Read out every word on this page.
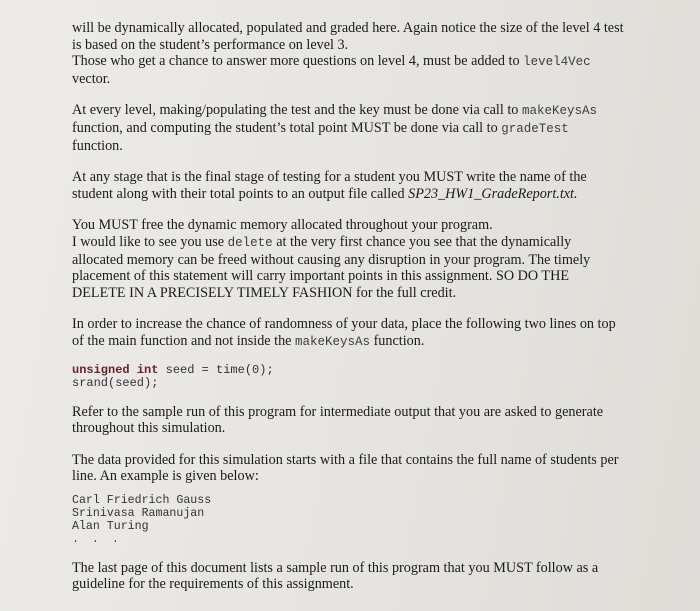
will be dynamically allocated, populated and graded here. Again notice the size of the level 4 test
is based on the student’s performance on level 3.
Those who get a chance to answer more questions on level 4, must be added to level4Vec
vector.
At every level, making/populating the test and the key must be done via call to makeKeysAs
function, and computing the student’s total point MUST be done via call to gradeTest
function.
At any stage that is the final stage of testing for a student you MUST write the name of the
student along with their total points to an output file called SP23_HW1_GradeReport.txt.
You MUST free the dynamic memory allocated throughout your program.
I would like to see you use delete at the very first chance you see that the dynamically
allocated memory can be freed without causing any disruption in your program. The timely
placement of this statement will carry important points in this assignment. SO DO THE
DELETE IN A PRECISELY TIMELY FASHION for the full credit.
In order to increase the chance of randomness of your data, place the following two lines on top
of the main function and not inside the makeKeysAs function.
unsigned int seed = time(0);
srand(seed);
Refer to the sample run of this program for intermediate output that you are asked to generate
throughout this simulation.
The data provided for this simulation starts with a file that contains the full name of students per
line. An example is given below:
Carl Friedrich Gauss
Srinivasa Ramanujan
Alan Turing
. . .
The last page of this document lists a sample run of this program that you MUST follow as a
guideline for the requirements of this assignment.
